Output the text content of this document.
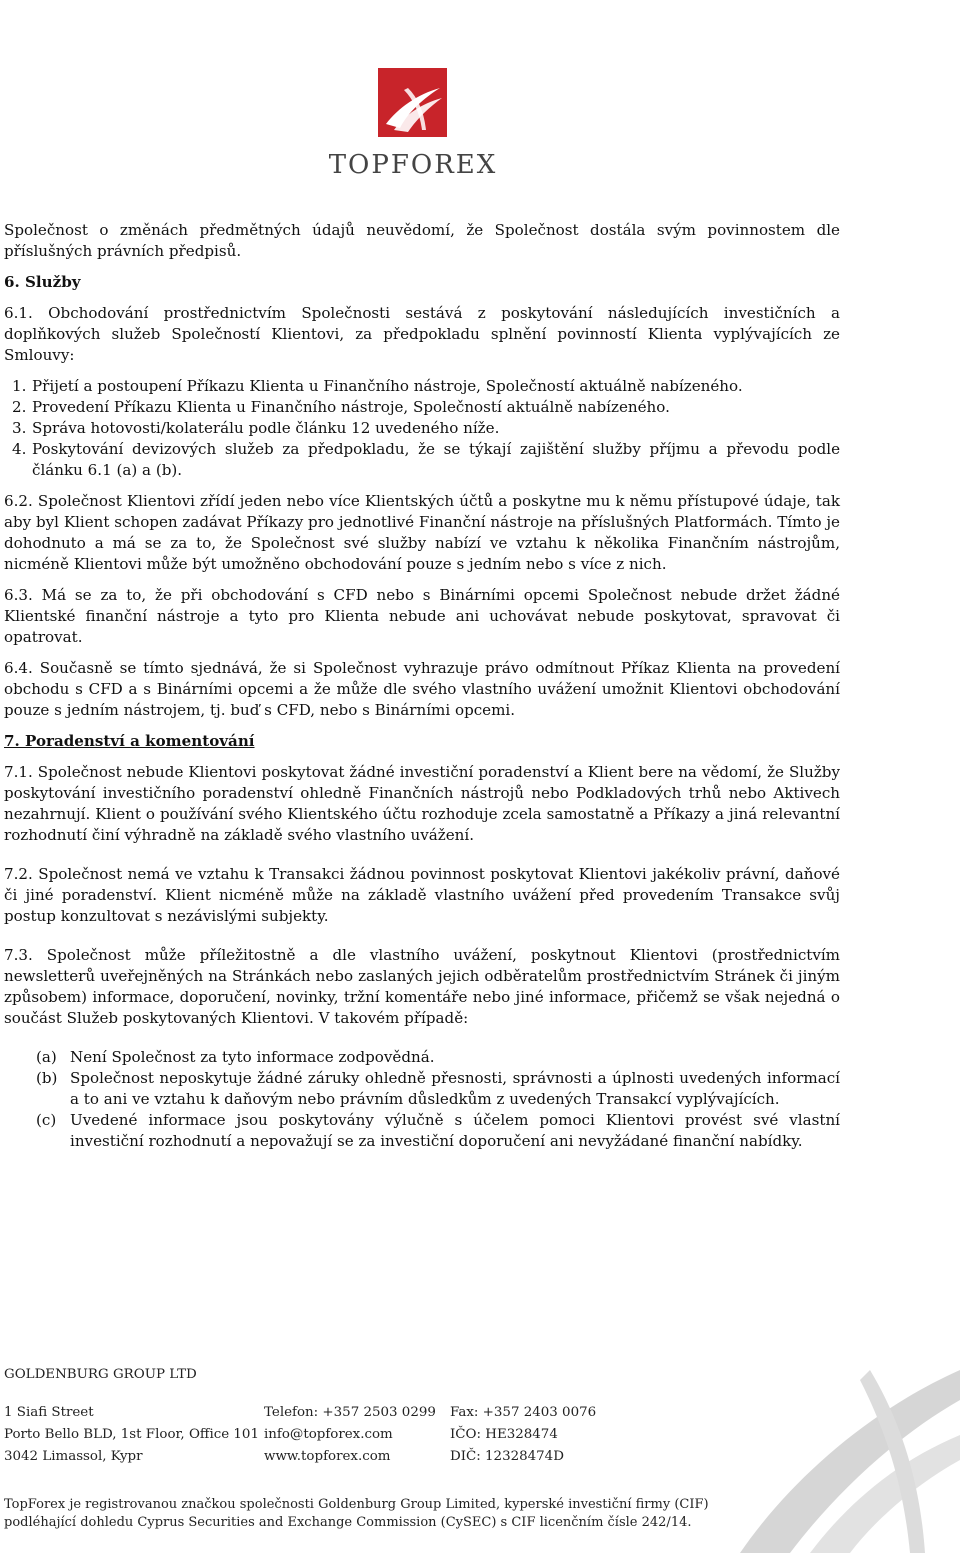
TOPFOREX

Společnost o změnách předmětných údajů neuvědomí, že Společnost dostála svým povinnostem dle příslušných právních předpisů.

6. Služby

6.1. Obchodování prostřednictvím Společnosti sestává z poskytování následujících investičních a doplňkových služeb Společností Klientovi, za předpokladu splnění povinností Klienta vyplývajících ze Smlouvy:

1. Přijetí a postoupení Příkazu Klienta u Finančního nástroje, Společností aktuálně nabízeného.
2. Provedení Příkazu Klienta u Finančního nástroje, Společností aktuálně nabízeného.
3. Správa hotovosti/kolaterálu podle článku 12 uvedeného níže.
4. Poskytování devizových služeb za předpokladu, že se týkají zajištění služby příjmu a převodu podle článku 6.1 (a) a (b).

6.2. Společnost Klientovi zřídí jeden nebo více Klientských účtů a poskytne mu k němu přístupové údaje, tak aby byl Klient schopen zadávat Příkazy pro jednotlivé Finanční nástroje na příslušných Platformách. Tímto je dohodnuto a má se za to, že Společnost své služby nabízí ve vztahu k několika Finančním nástrojům, nicméně Klientovi může být umožněno obchodování pouze s jedním nebo s více z nich.

6.3. Má se za to, že při obchodování s CFD nebo s Binárními opcemi Společnost nebude držet žádné Klientské finanční nástroje a tyto pro Klienta nebude ani uchovávat nebude poskytovat, spravovat či opatrovat.

6.4. Současně se tímto sjednává, že si Společnost vyhrazuje právo odmítnout Příkaz Klienta na provedení obchodu s CFD a s Binárními opcemi a že může dle svého vlastního uvážení umožnit Klientovi obchodování pouze s jedním nástrojem, tj. buď s CFD, nebo s Binárními opcemi.

7. Poradenství a komentování

7.1. Společnost nebude Klientovi poskytovat žádné investiční poradenství a Klient bere na vědomí, že Služby poskytování investičního poradenství ohledně Finančních nástrojů nebo Podkladových trhů nebo Aktivech nezahrnují. Klient o používání svého Klientského účtu rozhoduje zcela samostatně a Příkazy a jiná relevantní rozhodnutí činí výhradně na základě svého vlastního uvážení.

7.2. Společnost nemá ve vztahu k Transakci žádnou povinnost poskytovat Klientovi jakékoliv právní, daňové či jiné poradenství. Klient nicméně může na základě vlastního uvážení před provedením Transakce svůj postup konzultovat s nezávislými subjekty.

7.3. Společnost může příležitostně a dle vlastního uvážení, poskytnout Klientovi (prostřednictvím newsletterů uveřejněných na Stránkách nebo zaslaných jejich odběratelům prostřednictvím Stránek či jiným způsobem) informace, doporučení, novinky, tržní komentáře nebo jiné informace, přičemž se však nejedná o součást Služeb poskytovaných Klientovi. V takovém případě:

(a) Není Společnost za tyto informace zodpovědná.
(b) Společnost neposkytuje žádné záruky ohledně přesnosti, správnosti a úplnosti uvedených informací a to ani ve vztahu k daňovým nebo právním důsledkům z uvedených Transakcí vyplývajících.
(c) Uvedené informace jsou poskytovány výlučně s účelem pomoci Klientovi provést své vlastní investiční rozhodnutí a nepovažují se za investiční doporučení ani nevyžádané finanční nabídky.
GOLDENBURG GROUP LTD
1 Siafi Street	Telefon: +357 2503 0299	Fax: +357 2403 0076
Porto Bello BLD, 1st Floor, Office 101 info@topforex.com	IČO: HE328474
3042 Limassol, Kypr	www.topforex.com	DIČ: 12328474D
TopForex je registrovanou značkou společnosti Goldenburg Group Limited, kyperské investiční firmy (CIF) podléhající dohledu Cyprus Securities and Exchange Commission (CySEC) s CIF licenčním čísle 242/14.
